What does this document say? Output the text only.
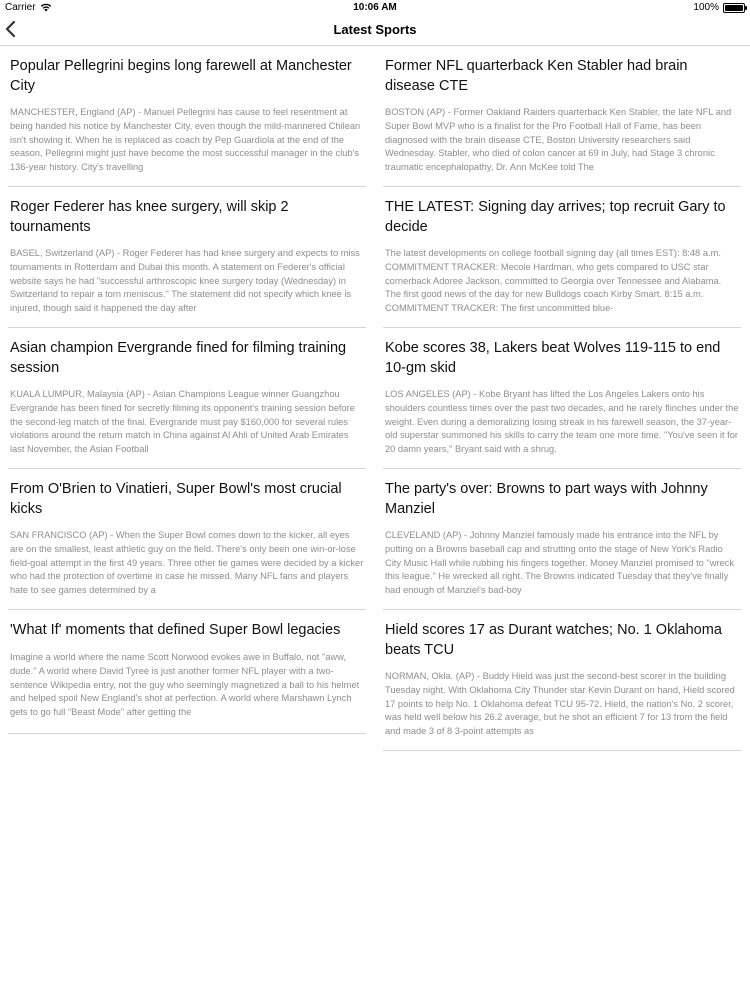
Carrier	10:06 AM	100%
Latest Sports
Popular Pellegrini begins long farewell at Manchester City

MANCHESTER, England (AP) - Manuel Pellegrini has cause to feel resentment at being handed his notice by Manchester City, even though the mild-mannered Chilean isn't showing it. When he is replaced as coach by Pep Guardiola at the end of the season, Pellegrini might just have become the most successful manager in the club's 136-year history. City's travelling

Former NFL quarterback Ken Stabler had brain disease CTE

BOSTON (AP) - Former Oakland Raiders quarterback Ken Stabler, the late NFL and Super Bowl MVP who is a finalist for the Pro Football Hall of Fame, has been diagnosed with the brain disease CTE, Boston University researchers said Wednesday. Stabler, who died of colon cancer at 69 in July, had Stage 3 chronic traumatic encephalopathy, Dr. Ann McKee told The

Roger Federer has knee surgery, will skip 2 tournaments

BASEL, Switzerland (AP) - Roger Federer has had knee surgery and expects to miss tournaments in Rotterdam and Dubai this month. A statement on Federer's official website says he had "successful arthroscopic knee surgery today (Wednesday) in Switzerland to repair a torn meniscus." The statement did not specify which knee is injured, though said it happened the day after

THE LATEST: Signing day arrives; top recruit Gary to decide

The latest developments on college football signing day (all times EST): 8:48 a.m. COMMITMENT TRACKER: Mecole Hardman, who gets compared to USC star cornerback Adoree Jackson, committed to Georgia over Tennessee and Alabama. The first good news of the day for new Bulldogs coach Kirby Smart. 8:15 a.m. COMMITMENT TRACKER: The first uncommitted blue-

Asian champion Evergrande fined for filming training session

KUALA LUMPUR, Malaysia (AP) - Asian Champions League winner Guangzhou Evergrande has been fined for secretly filming its opponent's training session before the second-leg match of the final. Evergrande must pay $160,000 for several rules violations around the return match in China against Al Ahli of United Arab Emirates last November, the Asian Football

Kobe scores 38, Lakers beat Wolves 119-115 to end 10-gm skid

LOS ANGELES (AP) - Kobe Bryant has lifted the Los Angeles Lakers onto his shoulders countless times over the past two decades, and he rarely flinches under the weight. Even during a demoralizing losing streak in his farewell season, the 37-year-old superstar summoned his skills to carry the team one more time. "You've seen it for 20 damn years," Bryant said with a shrug.

From O'Brien to Vinatieri, Super Bowl's most crucial kicks

SAN FRANCISCO (AP) - When the Super Bowl comes down to the kicker, all eyes are on the smallest, least athletic guy on the field. There's only been one win-or-lose field-goal attempt in the first 49 years. Three other tie games were decided by a kicker who had the protection of overtime in case he missed. Many NFL fans and players hate to see games determined by a

The party's over: Browns to part ways with Johnny Manziel

CLEVELAND (AP) - Johnny Manziel famously made his entrance into the NFL by putting on a Browns baseball cap and strutting onto the stage of New York's Radio City Music Hall while rubbing his fingers together. Money Manziel promised to "wreck this league." He wrecked all right. The Browns indicated Tuesday that they've finally had enough of Manziel's bad-boy

'What If' moments that defined Super Bowl legacies

Imagine a world where the name Scott Norwood evokes awe in Buffalo, not "aww, dude." A world where David Tyree is just another former NFL player with a two-sentence Wikipedia entry, not the guy who seemingly magnetized a ball to his helmet and helped spoil New England's shot at perfection. A world where Marshawn Lynch gets to go full "Beast Mode" after getting the

Hield scores 17 as Durant watches; No. 1 Oklahoma beats TCU

NORMAN, Okla. (AP) - Buddy Hield was just the second-best scorer in the building Tuesday night. With Oklahoma City Thunder star Kevin Durant on hand, Hield scored 17 points to help No. 1 Oklahoma defeat TCU 95-72. Hield, the nation's No. 2 scorer, was held well below his 26.2 average, but he shot an efficient 7 for 13 from the field and made 3 of 8 3-point attempts as
